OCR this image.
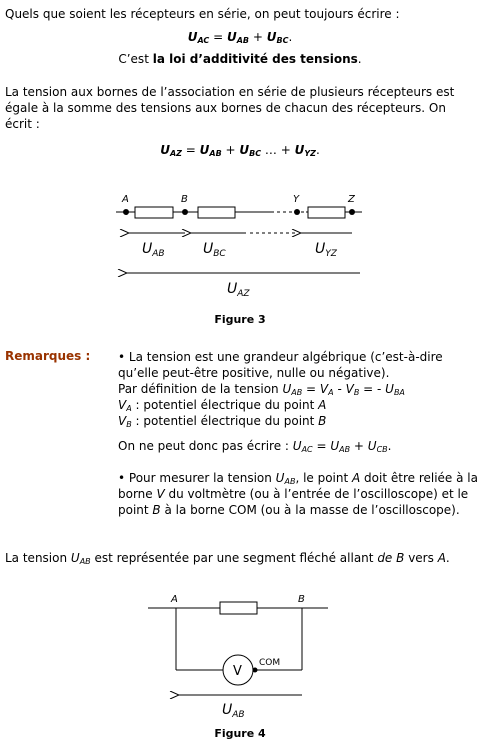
Quels que soient les récepteurs en série, on peut toujours écrire :

$U_{AC} = U_{AB} + U_{BC}$.

C’est la loi d’additivité des tensions.

La tension aux bornes de l’association en série de plusieurs récepteurs est égale à la somme des tensions aux bornes de chacun des récepteurs. On écrit :

$U_{AZ} = U_{AB} + U_{BC}$ … + $U_{YZ}$.

A	B	Y	Z
$U_{AB}$	$U_{BC}$	$U_{YZ}$
$U_{AZ}$
Figure 3
Remarques : • La tension est une grandeur algébrique (c’est-à-dire qu’elle peut-être positive, nulle ou négative).

Par définition de la tension $U_{AB} = V_A - V_B$ = - $U_{BA}$

$V_A$ : potentiel électrique du point A

$V_B$ : potentiel électrique du point B

On ne peut donc pas écrire : $U_{AC} = U_{AB} + U_{CB}$.

• Pour mesurer la tension $U_{AB}$, le point A doit être reliée à la borne V du voltmètre (ou à l’entrée de l’oscilloscope) et le point B à la borne COM (ou à la masse de l’oscilloscope).

La tension $U_{AB}$ est représentée par une segment fléché allant de B vers A.

V
COM
A	B
$U_{AB}$
Figure 4
